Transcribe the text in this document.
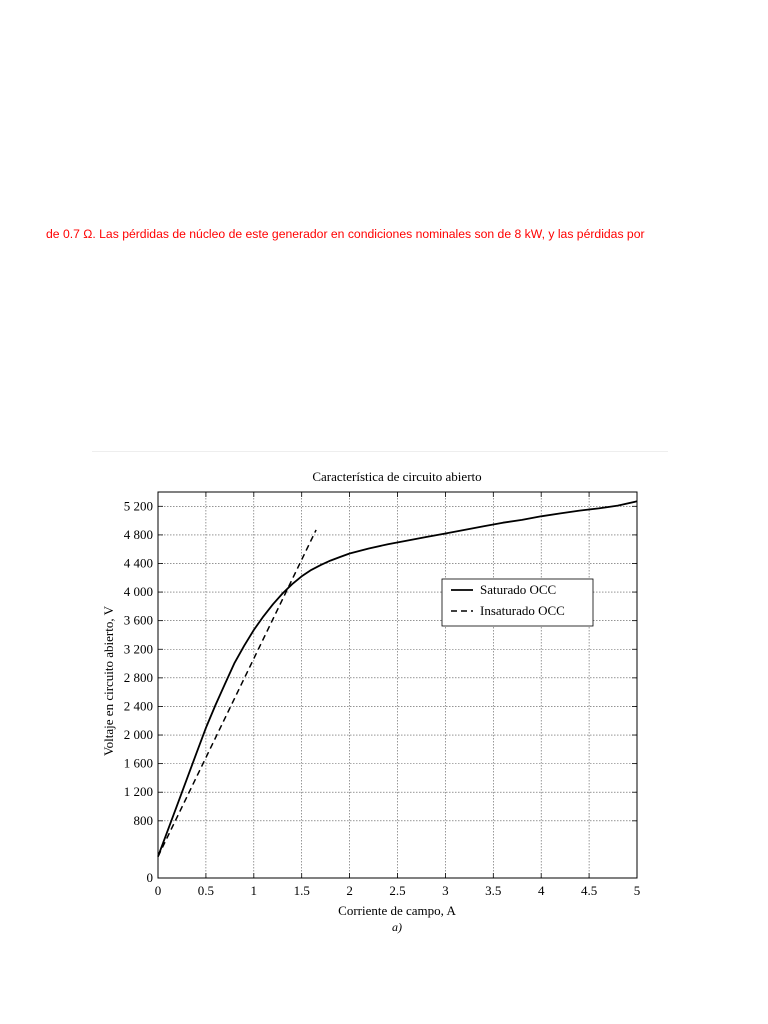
de 0.7 Ω. Las pérdidas de núcleo de este generador en condiciones nominales son de 8 kW, y las pérdidas por
0	0.5	1	1.5	2	2.5	3	3.5	4	4.5	5
0
800
1 200
1 600
2 000
2 400
2 800
3 200
3 600
4 000
4 400
4 800
5 200
Característica de circuito abierto
Corriente de campo, A
a)
Voltaje en circuito abierto, V
Saturado OCC
Insaturado OCC
